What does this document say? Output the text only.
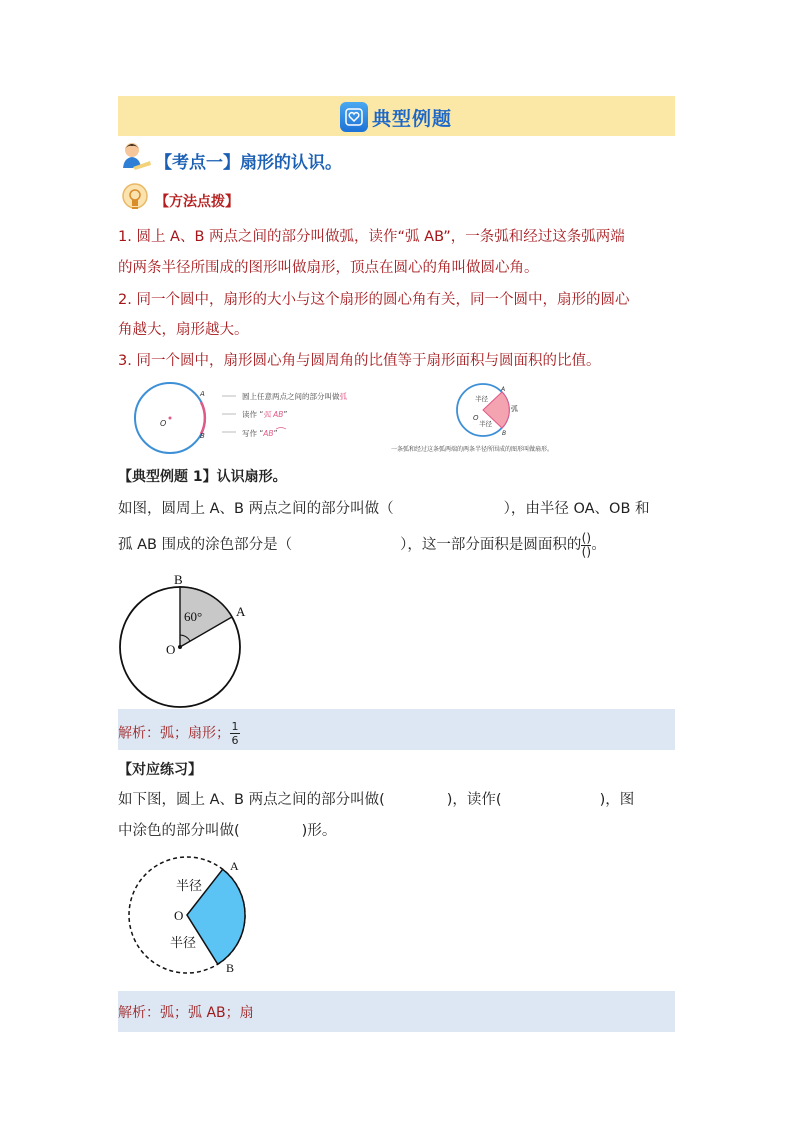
典型例题
【考点一】扇形的认识。
【方法点拨】
1. 圆上 A、B 两点之间的部分叫做弧，读作“弧 AB”，一条弧和经过这条弧两端
的两条半径所围成的图形叫做扇形，顶点在圆心的角叫做圆心角。
2. 同一个圆中，扇形的大小与这个扇形的圆心角有关，同一个圆中，扇形的圆心
角越大，扇形越大。
3. 同一个圆中，扇形圆心角与圆周角的比值等于扇形面积与圆面积的比值。
O
A
B
圆上任意两点之间的部分叫做弧
读作 “弧 AB”
写作 “AB”
O
A
B
半径
半径
弧
一条弧和经过这条弧两端的两条半径所围成的图形叫做扇形。
【典型例题 1】认识扇形。
如图，圆周上 A、B 两点之间的部分叫做（	），由半径 OA、OB 和
孤 AB 围成的涂色部分是（	），这一部分面积是圆面积的 $\frac{()}{()}$ 。
60°
B
A
O
解析：弧；扇形； $\frac{1}{6}$
【对应练习】
如下图，圆上 A、B 两点之间的部分叫做(	)，读作(	)，图
中涂色的部分叫做(	)形。
半径
半径
O
A
B
解析：弧；弧 AB；扇
